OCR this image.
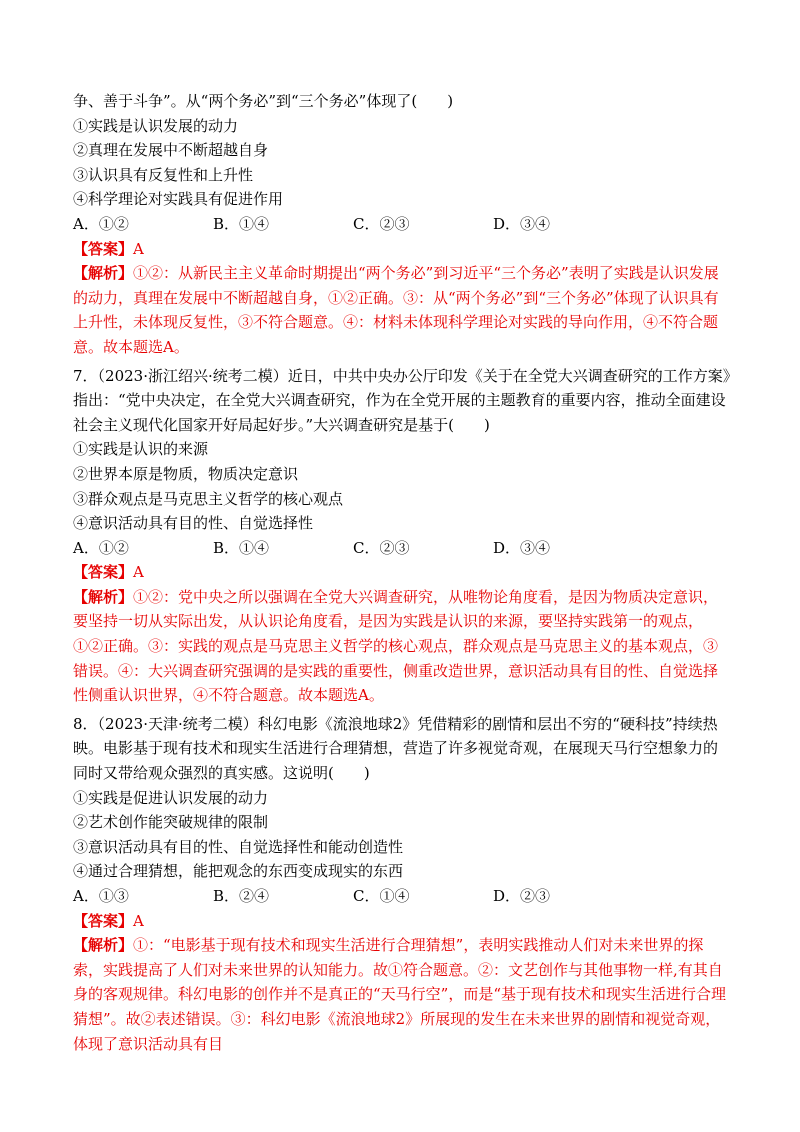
争、善于斗争”。从“两个务必”到“三个务必”体现了(　　)

①实践是认识发展的动力

②真理在发展中不断超越自身

③认识具有反复性和上升性

④科学理论对实践具有促进作用

A．①②	B．①④	C．②③	D．③④

【答案】A

【解析】①②：从新民主主义革命时期提出“两个务必”到习近平“三个务必”表明了实践是认识发展的动力，真理在发展中不断超越自身，①②正确。③：从“两个务必”到“三个务必”体现了认识具有上升性，未体现反复性，③不符合题意。④：材料未体现科学理论对实践的导向作用，④不符合题意。故本题选A。

7．（2023·浙江绍兴·统考二模）近日，中共中央办公厅印发《关于在全党大兴调查研究的工作方案》指出：“党中央决定，在全党大兴调查研究，作为在全党开展的主题教育的重要内容，推动全面建设社会主义现代化国家开好局起好步。”大兴调查研究是基于(　　)

①实践是认识的来源

②世界本原是物质，物质决定意识

③群众观点是马克思主义哲学的核心观点

④意识活动具有目的性、自觉选择性

A．①②	B．①④	C．②③	D．③④

【答案】A

【解析】①②：党中央之所以强调在全党大兴调查研究，从唯物论角度看，是因为物质决定意识，要坚持一切从实际出发，从认识论角度看，是因为实践是认识的来源，要坚持实践第一的观点，①②正确。③：实践的观点是马克思主义哲学的核心观点，群众观点是马克思主义的基本观点，③错误。④：大兴调查研究强调的是实践的重要性，侧重改造世界，意识活动具有目的性、自觉选择性侧重认识世界，④不符合题意。故本题选A。

8．（2023·天津·统考二模）科幻电影《流浪地球2》凭借精彩的剧情和层出不穷的“硬科技”持续热映。电影基于现有技术和现实生活进行合理猜想，营造了许多视觉奇观，在展现天马行空想象力的同时又带给观众强烈的真实感。这说明(　　)

①实践是促进认识发展的动力

②艺术创作能突破规律的限制

③意识活动具有目的性、自觉选择性和能动创造性

④通过合理猜想，能把观念的东西变成现实的东西

A．①③	B．②④	C．①④	D．②③

【答案】A

【解析】①：“电影基于现有技术和现实生活进行合理猜想”，表明实践推动人们对未来世界的探索，实践提高了人们对未来世界的认知能力。故①符合题意。②：文艺创作与其他事物一样,有其自身的客观规律。科幻电影的创作并不是真正的“天马行空”，而是“基于现有技术和现实生活进行合理猜想”。故②表述错误。③：科幻电影《流浪地球2》所展现的发生在未来世界的剧情和视觉奇观，体现了意识活动具有目
